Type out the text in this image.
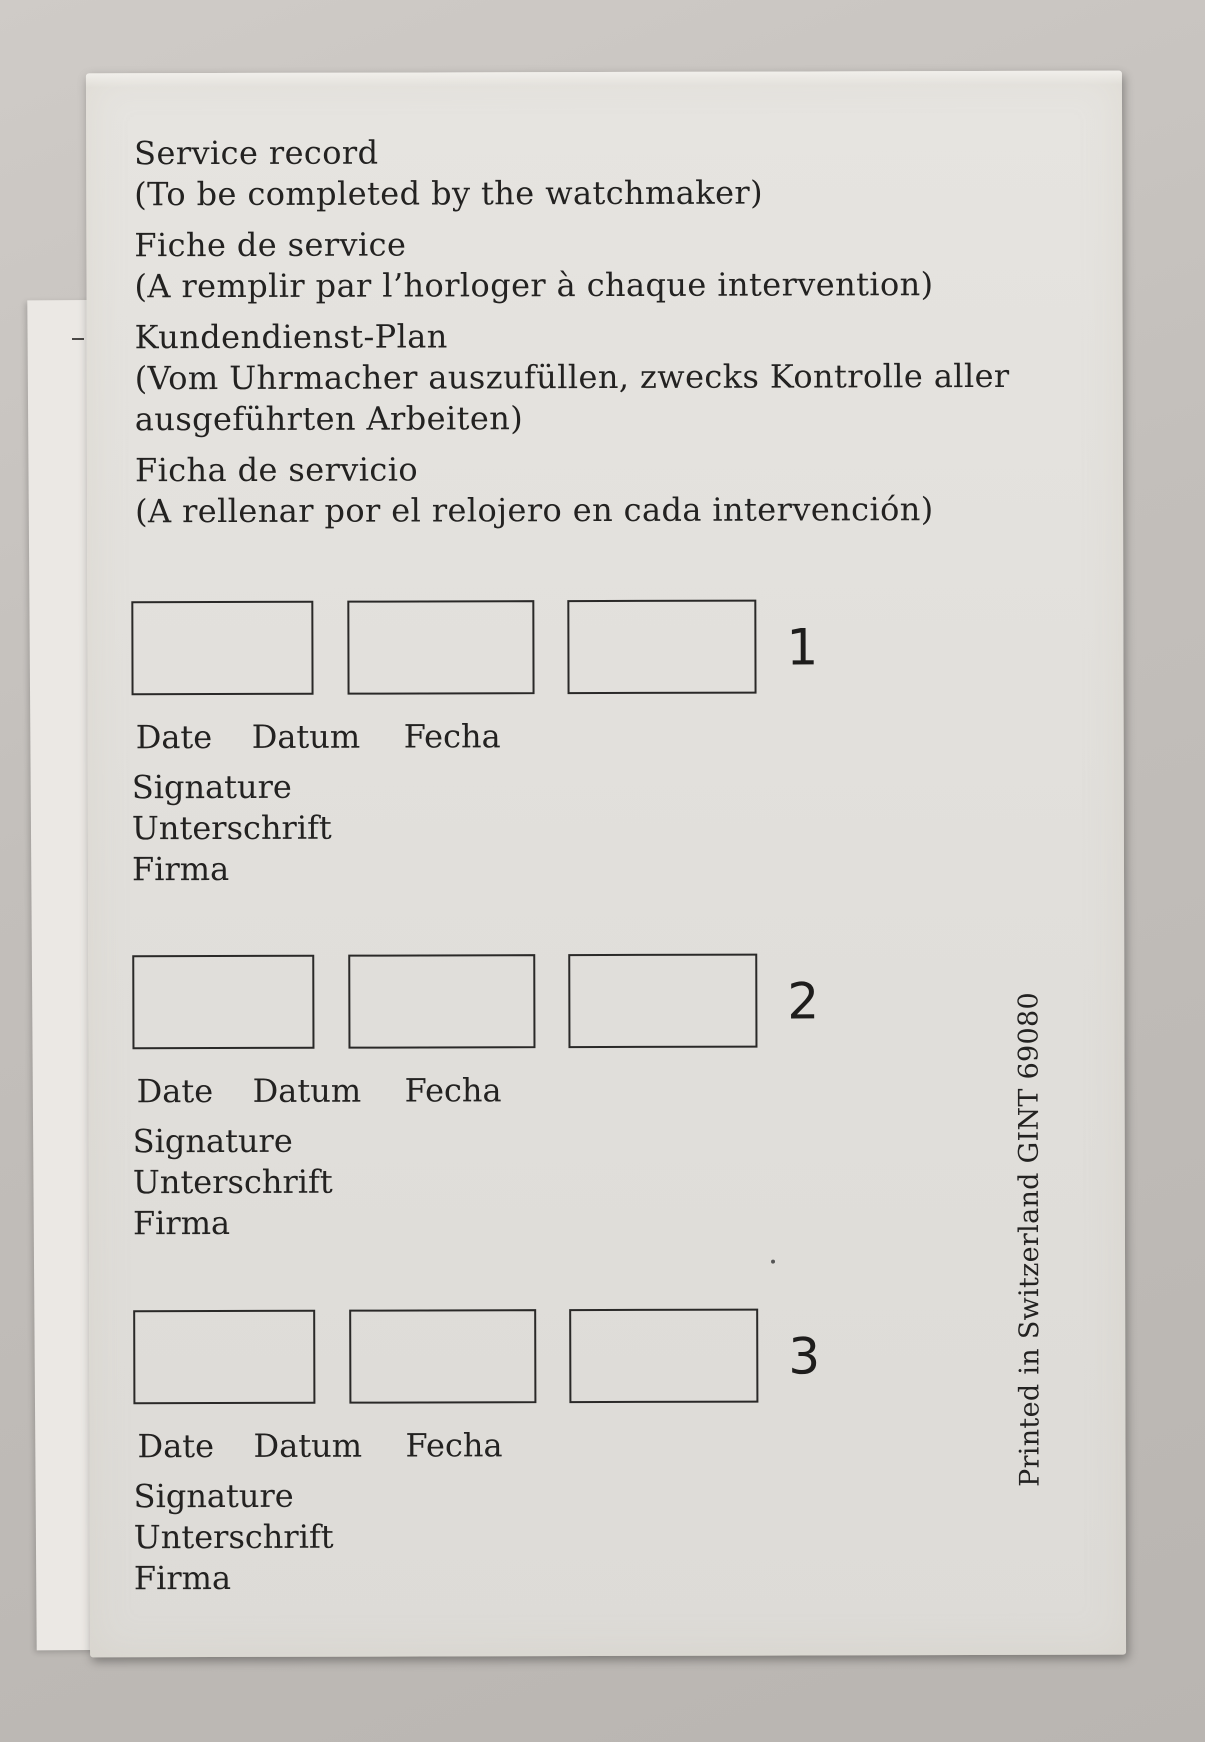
Service record

(To be completed by the watchmaker)

Fiche de service

(A remplir par l’horloger à chaque intervention)

Kundendienst-Plan

(Vom Uhrmacher auszufüllen, zwecks Kontrolle aller

ausgeführten Arbeiten)

Ficha de servicio

(A rellenar por el relojero en cada intervención)

1
Date Datum Fecha

Signature

Unterschrift

Firma

2
Date Datum Fecha

Signature

Unterschrift

Firma

3
Date Datum Fecha

Signature

Unterschrift

Firma

Printed in Switzerland GINT 69080
